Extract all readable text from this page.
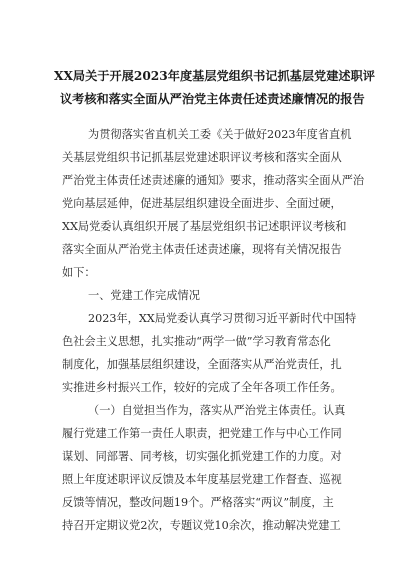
XX局关于开展2023年度基层党组织书记抓基层党建述职评
议考核和落实全面从严治党主体责任述责述廉情况的报告
为贯彻落实省直机关工委《关于做好2023年度省直机
关基层党组织书记抓基层党建述职评议考核和落实全面从
严治党主体责任述责述廉的通知》要求，推动落实全面从严治
党向基层延伸，促进基层组织建设全面进步、全面过硬，
XX局党委认真组织开展了基层党组织书记述职评议考核和
落实全面从严治党主体责任述责述廉，现将有关情况报告
如下：
一、党建工作完成情况
2023年，XX局党委认真学习贯彻习近平新时代中国特
色社会主义思想，扎实推动“两学一做”学习教育常态化
制度化，加强基层组织建设，全面落实从严治党责任，扎
实推进乡村振兴工作，较好的完成了全年各项工作任务。
（一）自觉担当作为，落实从严治党主体责任。认真
履行党建工作第一责任人职责，把党建工作与中心工作同
谋划、同部署、同考核，切实强化抓党建工作的力度。对
照上年度述职评议反馈及本年度基层党建工作督查、巡视
反馈等情况，整改问题19个。严格落实“两议”制度，主
持召开定期议党2次，专题议党10余次，推动解决党建工
